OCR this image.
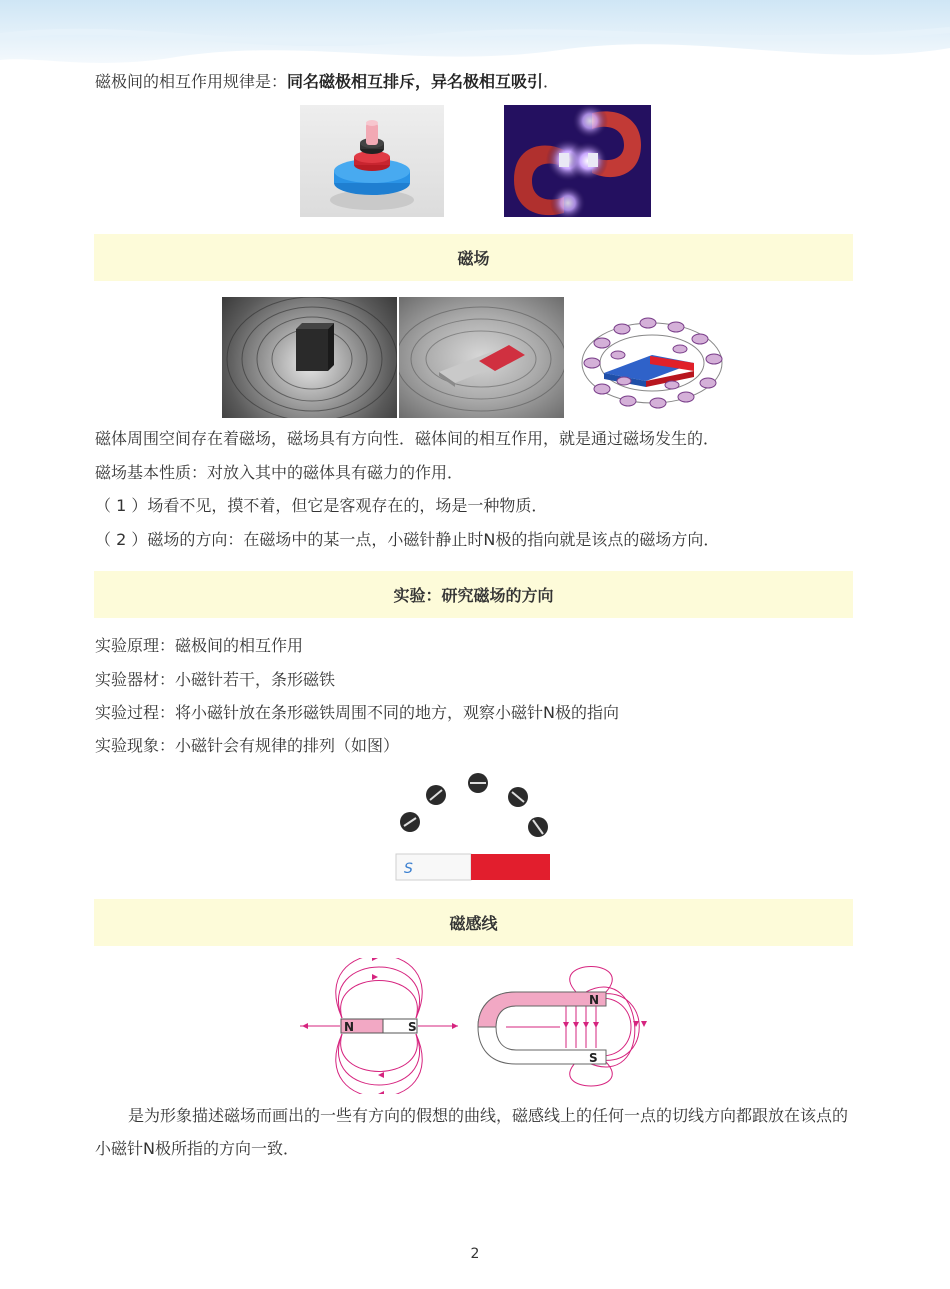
磁极间的相互作用规律是：同名磁极相互排斥，异名极相互吸引．
磁场
磁体周围空间存在着磁场，磁场具有方向性．磁体间的相互作用，就是通过磁场发生的．
磁场基本性质：对放入其中的磁体具有磁力的作用．
（ 1 ）场看不见，摸不着，但它是客观存在的，场是一种物质．
（ 2 ）磁场的方向：在磁场中的某一点，小磁针静止时N极的指向就是该点的磁场方向．
实验：研究磁场的方向
实验原理：磁极间的相互作用
实验器材：小磁针若干，条形磁铁
实验过程：将小磁针放在条形磁铁周围不同的地方，观察小磁针N极的指向
实验现象：小磁针会有规律的排列（如图）
S
磁感线
N	S
N
S
是为形象描述磁场而画出的一些有方向的假想的曲线，磁感线上的任何一点的切线方向都跟放在该点的小磁针N极所指的方向一致．
2
